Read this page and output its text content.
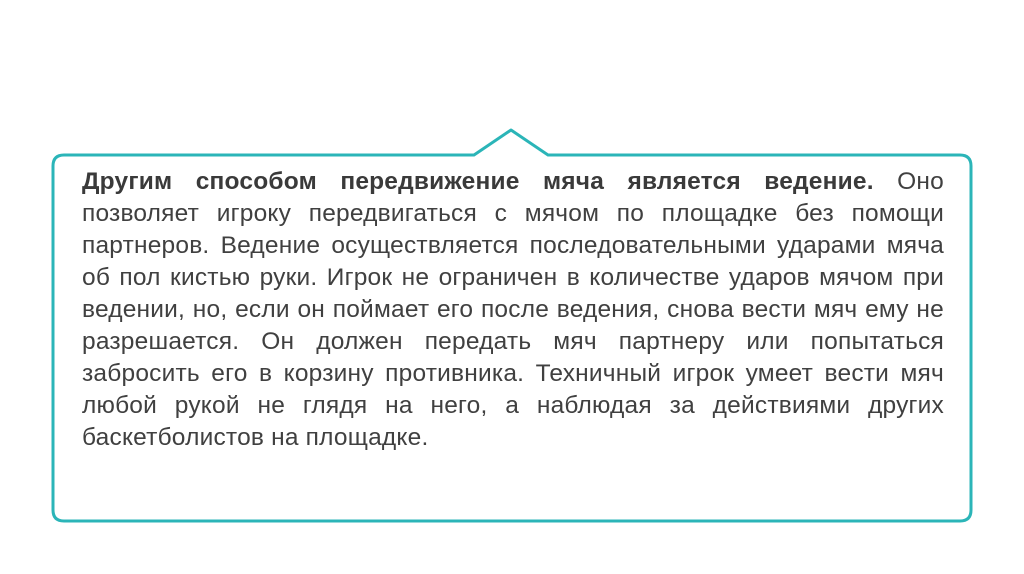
Другим способом передвижение мяча является ведение. Оно позволяет игроку передвигаться с мячом по площадке без помощи партнеров. Ведение осуществляется последовательными ударами мяча об пол кистью руки. Игрок не ограничен в количестве ударов мячом при ведении, но, если он поймает его после ведения, снова вести мяч ему не разрешается. Он должен передать мяч партнеру или попытаться забросить его в корзину противника. Техничный игрок умеет вести мяч любой рукой не глядя на него, а наблюдая за действиями других баскетболистов на площадке.
